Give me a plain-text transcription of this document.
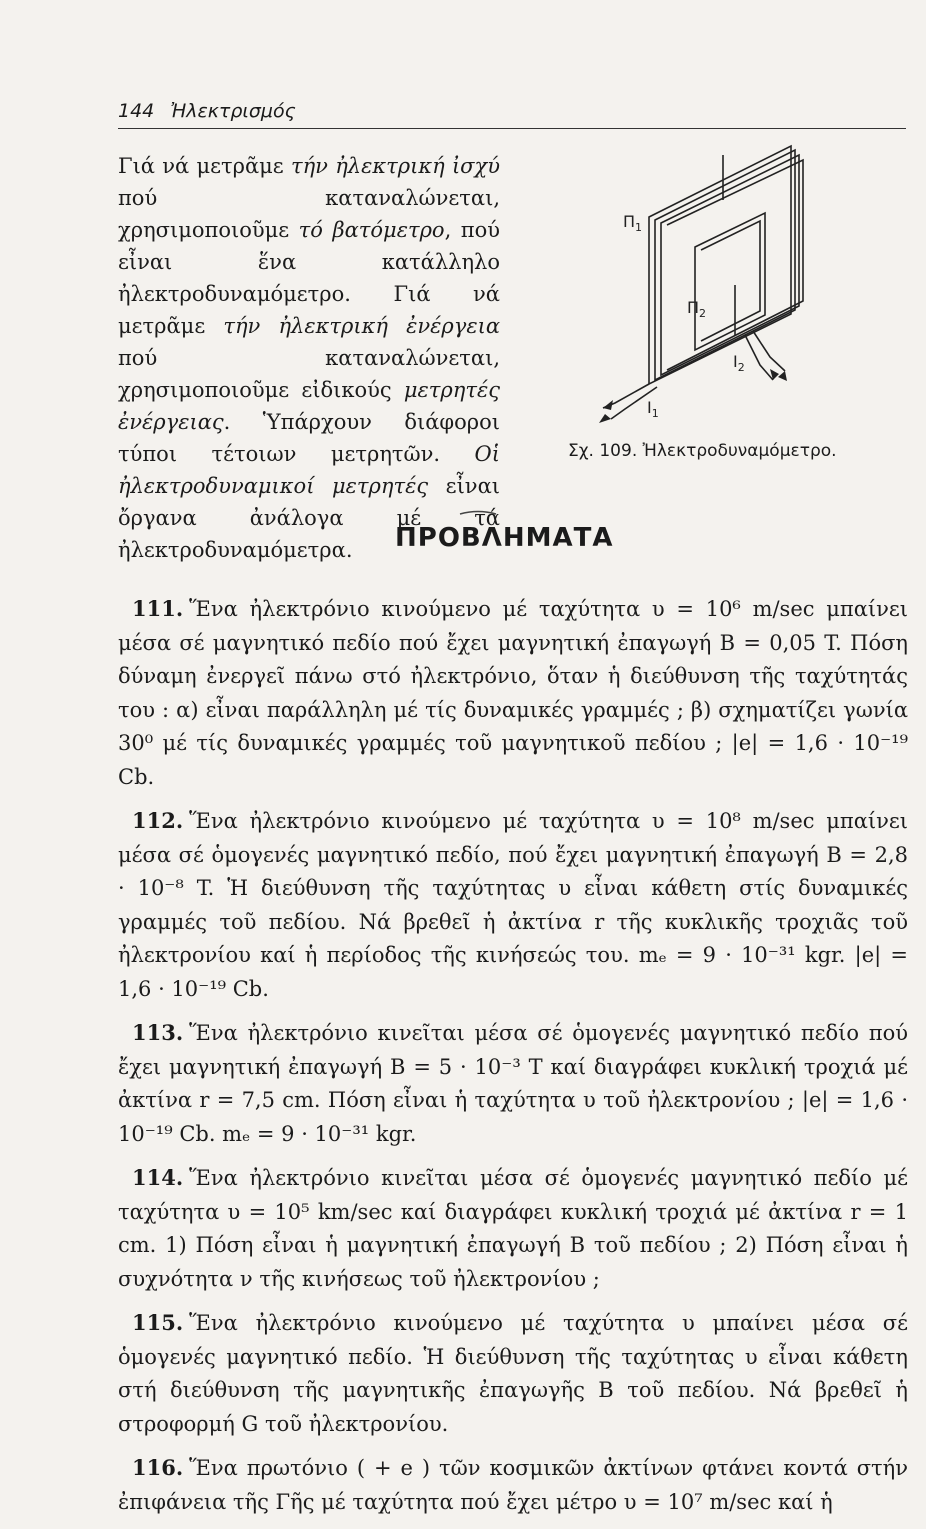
144 Ἠλεκτρισμός
Γιά νά μετρᾶμε τήν ἠλεκτρική ἰσχύ πού καταναλώνεται, χρησιμοποιοῦμε τό βατόμετρο, πού εἶναι ἕνα κατάλληλο ἠλεκτροδυναμόμετρο. Γιά νά μετρᾶμε τήν ἠλεκτρική ἐνέργεια πού καταναλώνεται, χρησιμοποιοῦμε εἰδικούς μετρητές ἐνέργειας. Ὑπάρχουν διάφοροι τύποι τέτοιων μετρητῶν. Οἱ ἠλεκτροδυναμικοί μετρητές εἶναι ὄργανα ἀνάλογα μέ τά ἠλεκτροδυναμόμετρα.
$\Pi_1$
$\Pi_2$
$I_2$
$I_1$
Σχ. 109. Ἠλεκτροδυναμόμετρο.
ΠΡΟΒΛΗΜΑΤΑ
111. Ἕνα ἠλεκτρόνιο κινούμενο μέ ταχύτητα υ = 10⁶ m/sec μπαίνει μέσα σέ μαγνητικό πεδίο πού ἔχει μαγνητική ἐπαγωγή Β = 0,05 T. Πόση δύναμη ἐνεργεῖ πάνω στό ἠλεκτρόνιο, ὅταν ἡ διεύθυνση τῆς ταχύτητάς του : α) εἶναι παράλληλη μέ τίς δυναμικές γραμμές ; β) σχηματίζει γωνία 30⁰ μέ τίς δυναμικές γραμμές τοῦ μαγνητικοῦ πεδίου ; |e| = 1,6 · 10⁻¹⁹ Cb.
112. Ἕνα ἠλεκτρόνιο κινούμενο μέ ταχύτητα υ = 10⁸ m/sec μπαίνει μέσα σέ ὁμογενές μαγνητικό πεδίο, πού ἔχει μαγνητική ἐπαγωγή Β = 2,8 · 10⁻⁸ T. Ἡ διεύθυνση τῆς ταχύτητας υ εἶναι κάθετη στίς δυναμικές γραμμές τοῦ πεδίου. Νά βρεθεῖ ἡ ἀκτίνα r τῆς κυκλικῆς τροχιᾶς τοῦ ἠλεκτρονίου καί ἡ περίοδος τῆς κινήσεώς του. mₑ = 9 · 10⁻³¹ kgr. |e| = 1,6 · 10⁻¹⁹ Cb.
113. Ἕνα ἠλεκτρόνιο κινεῖται μέσα σέ ὁμογενές μαγνητικό πεδίο πού ἔχει μαγνητική ἐπαγωγή Β = 5 · 10⁻³ T καί διαγράφει κυκλική τροχιά μέ ἀκτίνα r = 7,5 cm. Πόση εἶναι ἡ ταχύτητα υ τοῦ ἠλεκτρονίου ; |e| = 1,6 · 10⁻¹⁹ Cb. mₑ = 9 · 10⁻³¹ kgr.
114. Ἕνα ἠλεκτρόνιο κινεῖται μέσα σέ ὁμογενές μαγνητικό πεδίο μέ ταχύτητα υ = 10⁵ km/sec καί διαγράφει κυκλική τροχιά μέ ἀκτίνα r = 1 cm. 1) Πόση εἶναι ἡ μαγνητική ἐπαγωγή Β τοῦ πεδίου ; 2) Πόση εἶναι ἡ συχνότητα ν τῆς κινήσεως τοῦ ἠλεκτρονίου ;
115. Ἕνα ἠλεκτρόνιο κινούμενο μέ ταχύτητα υ μπαίνει μέσα σέ ὁμογενές μαγνητικό πεδίο. Ἡ διεύθυνση τῆς ταχύτητας υ εἶναι κάθετη στή διεύθυνση τῆς μαγνητικῆς ἐπαγωγῆς Β τοῦ πεδίου. Νά βρεθεῖ ἡ στροφορμή G τοῦ ἠλεκτρονίου.
116. Ἕνα πρωτόνιο ( + e ) τῶν κοσμικῶν ἀκτίνων φτάνει κοντά στήν ἐπιφάνεια τῆς Γῆς μέ ταχύτητα πού ἔχει μέτρο υ = 10⁷ m/sec καί ἡ
